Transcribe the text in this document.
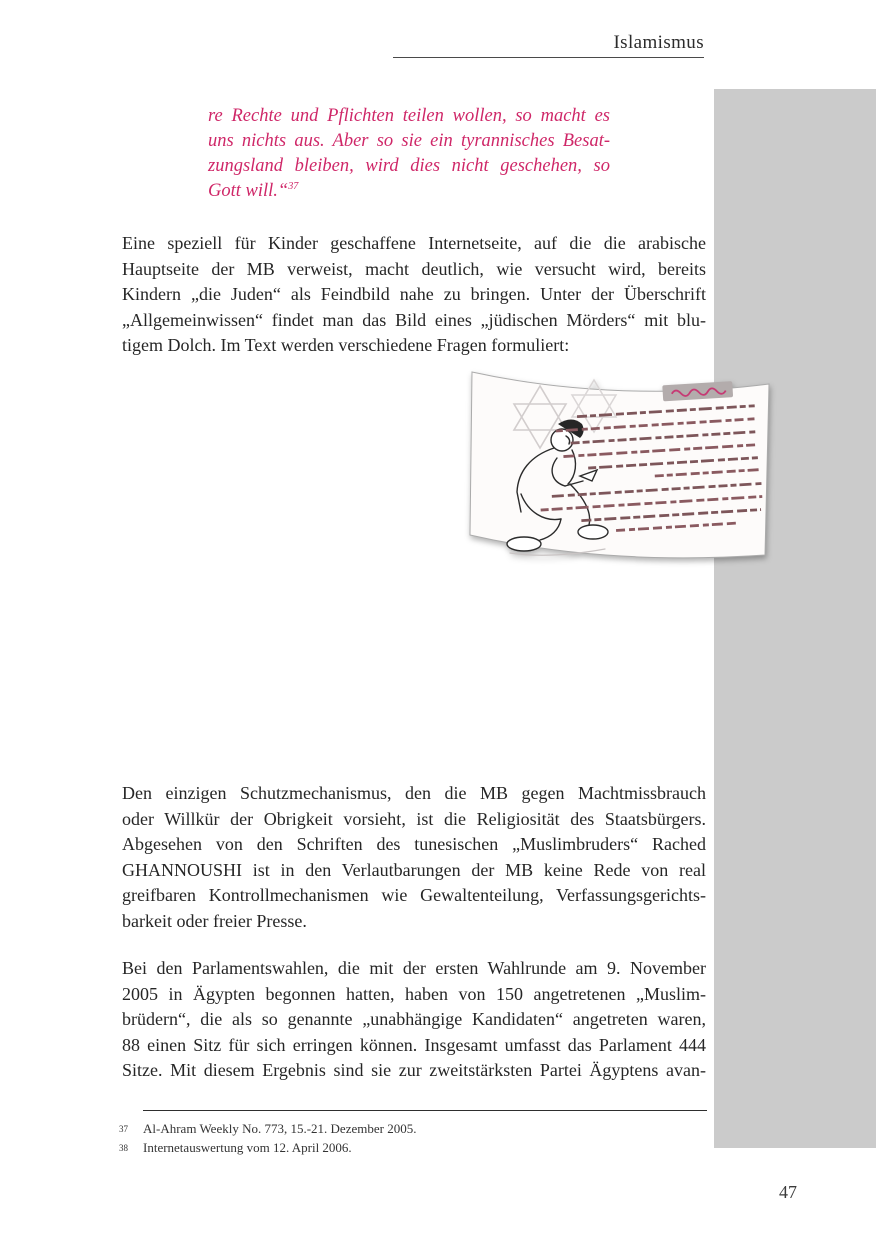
Islamismus
re Rechte und Pflichten teilen wollen, so macht es
uns nichts aus. Aber so sie ein tyrannisches Besat-
zungsland bleiben, wird dies nicht geschehen, so
Gott will.“$^{37}$
Eine speziell für Kinder geschaffene Internetseite, auf die die arabische
Hauptseite der MB verweist, macht deutlich, wie versucht wird, bereits
Kindern „die Juden“ als Feindbild nahe zu bringen. Unter der Überschrift
„Allgemeinwissen“ findet man das Bild eines „jüdischen Mörders“ mit blu-
tigem Dolch. Im Text werden verschiedene Fragen formuliert:
Den einzigen Schutzmechanismus, den die MB gegen Machtmissbrauch
oder Willkür der Obrigkeit vorsieht, ist die Religiosität des Staatsbürgers.
Abgesehen von den Schriften des tunesischen „Muslimbruders“ Rached
GHANNOUSHI ist in den Verlautbarungen der MB keine Rede von real
greifbaren Kontrollmechanismen wie Gewaltenteilung, Verfassungsgerichts-
barkeit oder freier Presse.
Bei den Parlamentswahlen, die mit der ersten Wahlrunde am 9. November
2005 in Ägypten begonnen hatten, haben von 150 angetretenen „Muslim-
brüdern“, die als so genannte „unabhängige Kandidaten“ angetreten waren,
88 einen Sitz für sich erringen können. Insgesamt umfasst das Parlament 444
Sitze. Mit diesem Ergebnis sind sie zur zweitstärksten Partei Ägyptens avan-
37	Al-Ahram Weekly No. 773, 15.-21. Dezember 2005.
38	Internetauswertung vom 12. April 2006.
47
